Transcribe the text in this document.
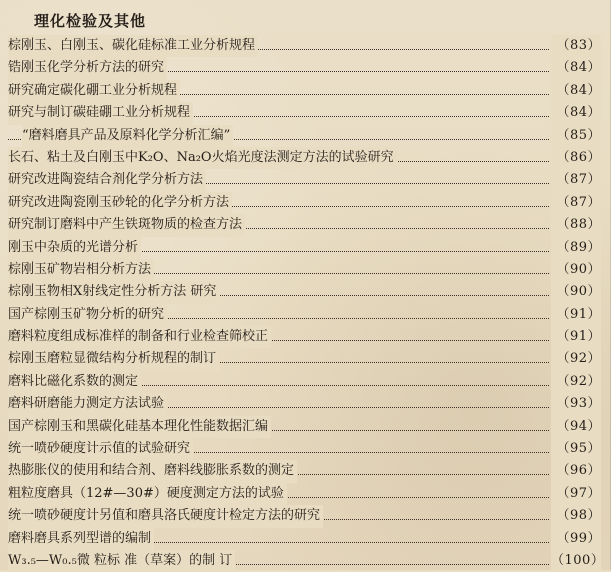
理化检验及其他
棕刚玉、白刚玉、碳化硅标准工业分析规程	（83）
锆刚玉化学分析方法的研究	（84）
研究确定碳化硼工业分析规程	（84）
研究与制订碳硅硼工业分析规程	（84）
“磨料磨具产品及原料化学分析汇编”	（85）
长石、粘土及白刚玉中K₂O、Na₂O火焰光度法测定方法的试验研究	（86）
研究改进陶瓷结合剂化学分析方法	（87）
研究改进陶瓷刚玉砂轮的化学分析方法	（87）
研究制订磨料中产生铁斑物质的检查方法	（88）
刚玉中杂质的光谱分析	（89）
棕刚玉矿物岩相分析方法	（90）
棕刚玉物相X射线定性分析方法 研究	（90）
国产棕刚玉矿物分析的研究	（91）
磨料粒度组成标准样的制备和行业检查筛校正	（91）
棕刚玉磨粒显微结构分析规程的制订	（92）
磨料比磁化系数的测定	（92）
磨料研磨能力测定方法试验	（93）
国产棕刚玉和黑碳化硅基本理化性能数据汇编	（94）
统一喷砂硬度计示值的试验研究	（95）
热膨胀仪的使用和结合剂、磨料线膨胀系数的测定	（96）
粗粒度磨具（12#—30#）硬度测定方法的试验	（97）
统一喷砂硬度计另值和磨具洛氏硬度计检定方法的研究	（98）
磨料磨具系列型谱的编制	（99）
W₃.₅—W₀.₅微 粒标 准（草案）的制 订	（100）
